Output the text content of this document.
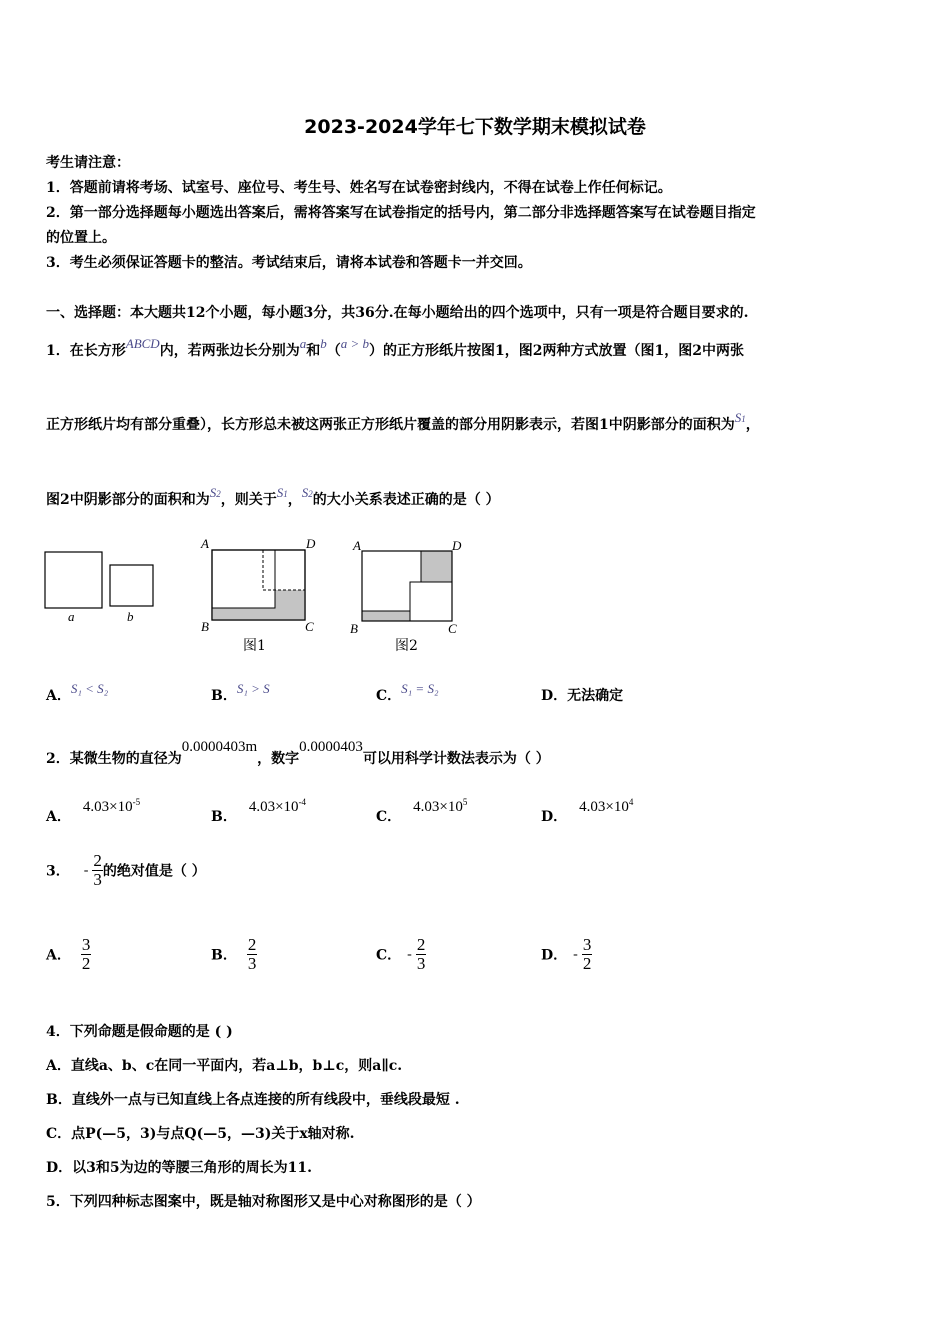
2023-2024学年七下数学期末模拟试卷
考生请注意：
1．答题前请将考场、试室号、座位号、考生号、姓名写在试卷密封线内，不得在试卷上作任何标记。
2．第一部分选择题每小题选出答案后，需将答案写在试卷指定的括号内，第二部分非选择题答案写在试卷题目指定
的位置上。
3．考生必须保证答题卡的整洁。考试结束后，请将本试卷和答题卡一并交回。
一、选择题：本大题共12个小题，每小题3分，共36分.在每小题给出的四个选项中，只有一项是符合题目要求的.
1．在长方形ABCD内，若两张边长分别为a和b（a > b）的正方形纸片按图1，图2两种方式放置（图1，图2中两张
正方形纸片均有部分重叠），长方形总未被这两张正方形纸片覆盖的部分用阴影表示，若图1中阴影部分的面积为S1，
图2中阴影部分的面积和为S2，则关于S1，S2的大小关系表述正确的是（ ）
a	b
A	D
B	C
A	D
B	C
图1	图2
A．S₁ < S₂	B．S₁ > S	C．S₁ = S₂	D．无法确定
2．某微生物的直径为0.0000403m，数字0.0000403可以用科学计数法表示为（ ）
A．$4.03\times 10^{-5}$
B．$4.03\times 10^{-4}$
C．$4.03\times 10^5$
D．$4.03\times 10^4$
3． - $\frac{2}{3}$ 的绝对值是（ ）
A． $\frac{3}{2}$	B． $\frac{2}{3}$	C． - $\frac{2}{3}$	D． - $\frac{3}{2}$
4．下列命题是假命题的是 ( )
A．直线a、b、c在同一平面内，若a⊥b，b⊥c，则a∥c.
B．直线外一点与已知直线上各点连接的所有线段中，垂线段最短 .
C．点P(—5，3)与点Q(—5，—3)关于x轴对称.
D．以3和5为边的等腰三角形的周长为11.
5．下列四种标志图案中，既是轴对称图形又是中心对称图形的是（ ）
